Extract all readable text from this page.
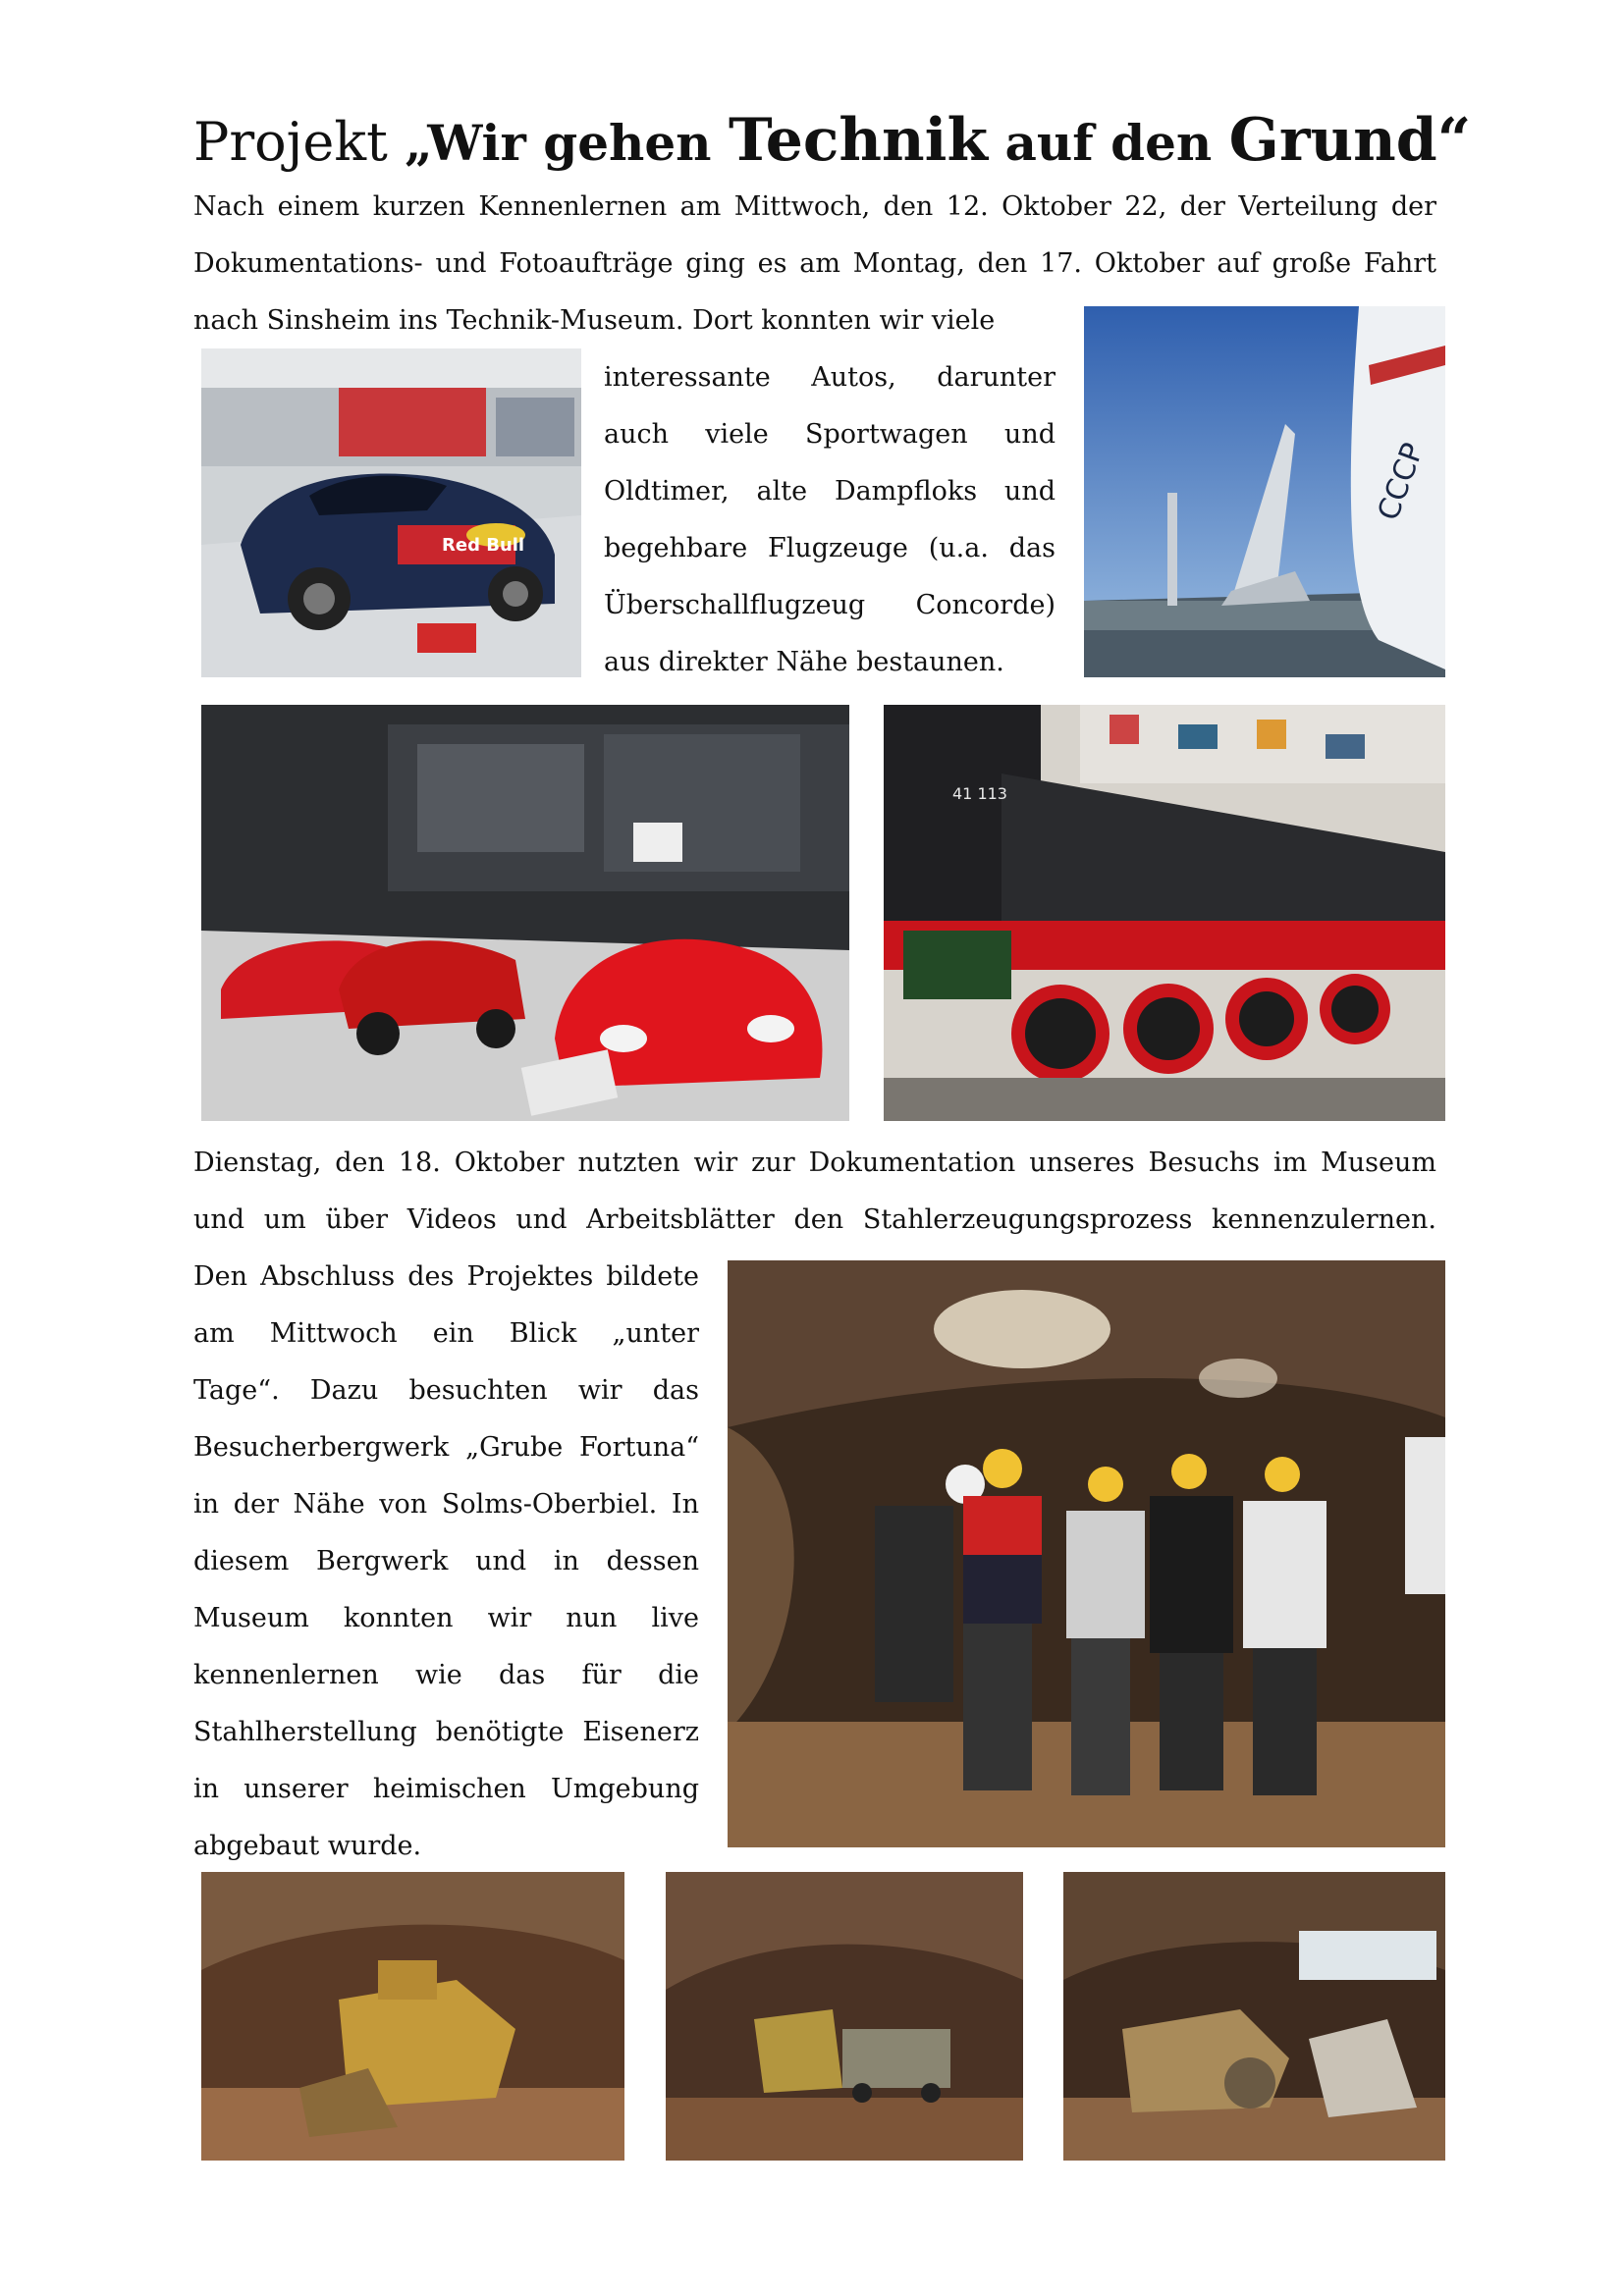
Projekt „Wir gehen Technik auf den Grund“

Nach einem kurzen Kennenlernen am Mittwoch, den 12. Oktober 22, der Verteilung der

Dokumentations- und Fotoaufträge ging es am Montag, den 17. Oktober auf große Fahrt

nach Sinsheim ins Technik-Museum. Dort konnten wir viele

interessante Autos, darunter

auch viele Sportwagen und

Oldtimer, alte Dampfloks und

begehbare Flugzeuge (u.a. das

Überschallflugzeug Concorde)

aus direkter Nähe bestaunen.

Red Bull
СССР
41 113

Dienstag, den 18. Oktober nutzten wir zur Dokumentation unseres Besuchs im Museum

und um über Videos und Arbeitsblätter den Stahlerzeugungsprozess kennenzulernen.

Den Abschluss des Projektes bildete

am Mittwoch ein Blick „unter

Tage“. Dazu besuchten wir das

Besucherbergwerk „Grube Fortuna“

in der Nähe von Solms-Oberbiel. In

diesem Bergwerk und in dessen

Museum konnten wir nun live

kennenlernen wie das für die

Stahlherstellung benötigte Eisenerz

in unserer heimischen Umgebung

abgebaut wurde.
